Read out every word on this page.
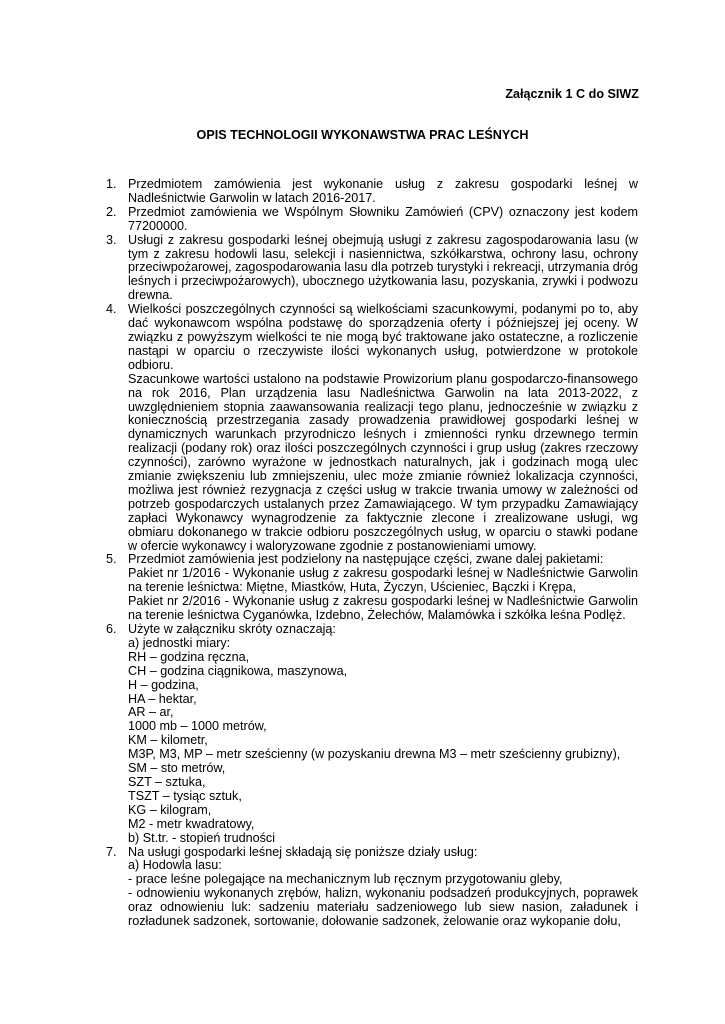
Załącznik 1 C do SIWZ

OPIS TECHNOLOGII WYKONAWSTWA PRAC LEŚNYCH

1. Przedmiotem zamówienia jest wykonanie usług z zakresu gospodarki leśnej w Nadleśnictwie Garwolin w latach 2016-2017.

2. Przedmiot zamówienia we Wspólnym Słowniku Zamówień (CPV) oznaczony jest kodem 77200000.

3. Usługi z zakresu gospodarki leśnej obejmują usługi z zakresu zagospodarowania lasu (w tym z zakresu hodowli lasu, selekcji i nasiennictwa, szkółkarstwa, ochrony lasu, ochrony przeciwpożarowej, zagospodarowania lasu dla potrzeb turystyki i rekreacji, utrzymania dróg leśnych i przeciwpożarowych), ubocznego użytkowania lasu, pozyskania, zrywki i podwozu drewna.

4. Wielkości poszczególnych czynności są wielkościami szacunkowymi, podanymi po to, aby dać wykonawcom wspólna podstawę do sporządzenia oferty i późniejszej jej oceny. W związku z powyższym wielkości te nie mogą być traktowane jako ostateczne, a rozliczenie nastąpi w oparciu o rzeczywiste ilości wykonanych usług, potwierdzone w protokole odbioru.

Szacunkowe wartości ustalono na podstawie Prowizorium planu gospodarczo-finansowego na rok 2016, Plan urządzenia lasu Nadleśnictwa Garwolin na lata 2013-2022, z uwzględnieniem stopnia zaawansowania realizacji tego planu, jednocześnie w związku z koniecznością przestrzegania zasady prowadzenia prawidłowej gospodarki leśnej w dynamicznych warunkach przyrodniczo leśnych i zmienności rynku drzewnego termin realizacji (podany rok) oraz ilości poszczególnych czynności i grup usług (zakres rzeczowy czynności), zarówno wyrażone w jednostkach naturalnych, jak i godzinach mogą ulec zmianie zwiększeniu lub zmniejszeniu, ulec może zmianie również lokalizacja czynności, możliwa jest również rezygnacja z części usług w trakcie trwania umowy w zależności od potrzeb gospodarczych ustalanych przez Zamawiającego. W tym przypadku Zamawiający zapłaci Wykonawcy wynagrodzenie za faktycznie zlecone i zrealizowane usługi, wg obmiaru dokonanego w trakcie odbioru poszczególnych usług, w oparciu o stawki podane w ofercie wykonawcy i waloryzowane zgodnie z postanowieniami umowy.

5. Przedmiot zamówienia jest podzielony na następujące części, zwane dalej pakietami:

Pakiet nr 1/2016 - Wykonanie usług z zakresu gospodarki leśnej w Nadleśnictwie Garwolin na terenie leśnictwa: Miętne, Miastków, Huta, Życzyn, Uścieniec, Bączki i Krępa,

Pakiet nr 2/2016 - Wykonanie usług z zakresu gospodarki leśnej w Nadleśnictwie Garwolin na terenie leśnictwa Cyganówka, Izdebno, Żelechów, Malamówka i szkółka leśna Podlęż.

6. Użyte w załączniku skróty oznaczają:

a) jednostki miary:

RH – godzina ręczna,

CH – godzina ciągnikowa, maszynowa,

H – godzina,

HA – hektar,

AR – ar,

1000 mb – 1000 metrów,

KM – kilometr,

M3P, M3, MP – metr sześcienny (w pozyskaniu drewna M3 – metr sześcienny grubizny),

SM – sto metrów,

SZT – sztuka,

TSZT – tysiąc sztuk,

KG – kilogram,

M2 - metr kwadratowy,

b) St.tr. - stopień trudności

7. Na usługi gospodarki leśnej składają się poniższe działy usług:

a) Hodowla lasu:

- prace leśne polegające na mechanicznym lub ręcznym przygotowaniu gleby,

- odnowieniu wykonanych zrębów, halizn, wykonaniu podsadzeń produkcyjnych, poprawek oraz odnowieniu luk: sadzeniu materiału sadzeniowego lub siew nasion, załadunek i rozładunek sadzonek, sortowanie, dołowanie sadzonek, żelowanie oraz wykopanie dołu,
